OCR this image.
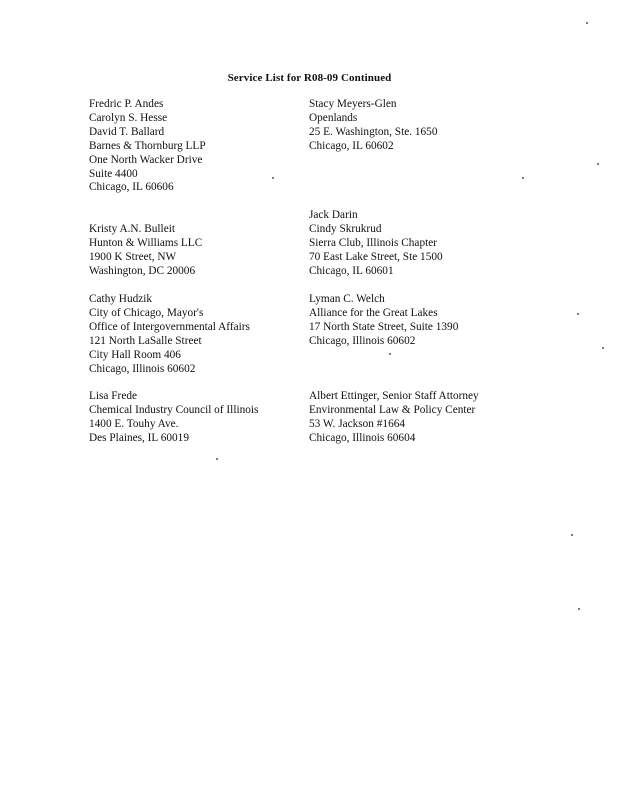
Service List for R08-09 Continued
Fredric P. Andes
Carolyn S. Hesse
David T. Ballard
Barnes & Thornburg LLP
One North Wacker Drive
Suite 4400
Chicago, IL 60606
Stacy Meyers-Glen
Openlands
25 E. Washington, Ste. 1650
Chicago, IL 60602
Kristy A.N. Bulleit
Hunton & Williams LLC
1900 K Street, NW
Washington, DC 20006
Jack Darin
Cindy Skrukrud
Sierra Club, Illinois Chapter
70 East Lake Street, Ste 1500
Chicago, IL 60601
Cathy Hudzik
City of Chicago, Mayor's
Office of Intergovernmental Affairs
121 North LaSalle Street
City Hall Room 406
Chicago, Illinois 60602
Lyman C. Welch
Alliance for the Great Lakes
17 North State Street, Suite 1390
Chicago, Illinois 60602
Lisa Frede
Chemical Industry Council of Illinois
1400 E. Touhy Ave.
Des Plaines, IL 60019
Albert Ettinger, Senior Staff Attorney
Environmental Law & Policy Center
53 W. Jackson #1664
Chicago, Illinois 60604
